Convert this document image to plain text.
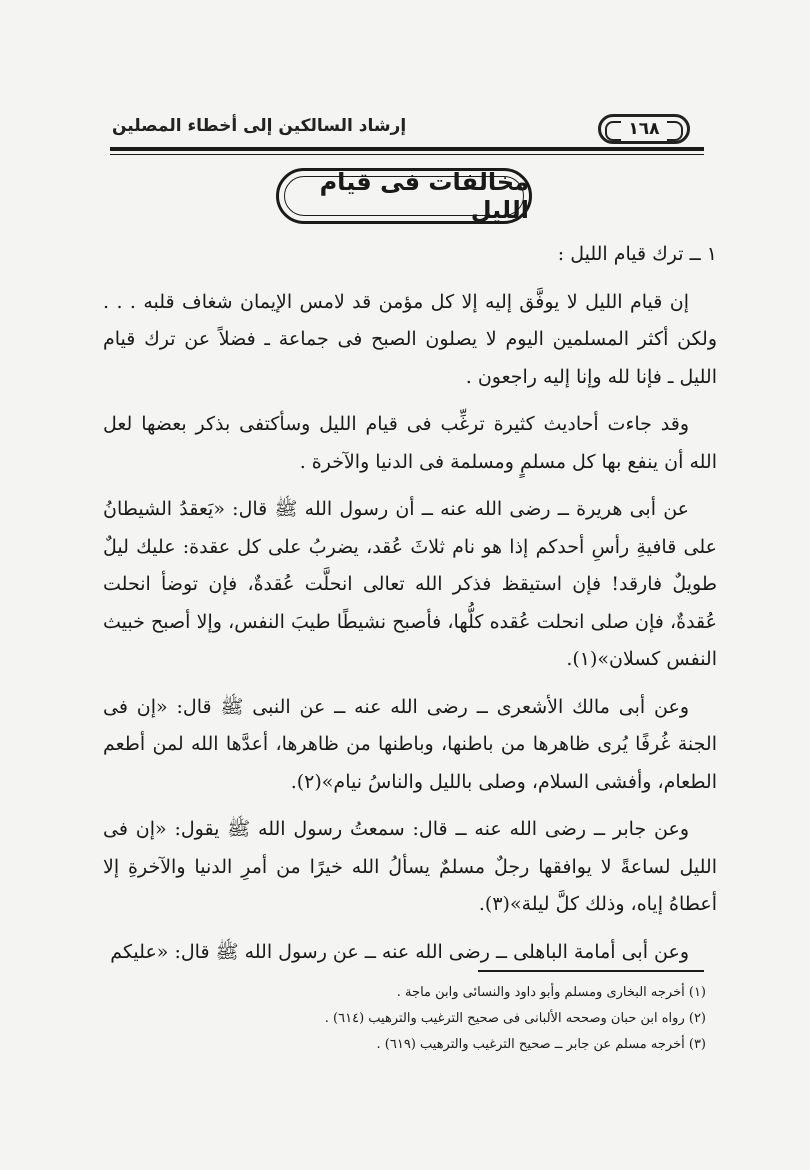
إرشاد السالكين إلى أخطاء المصلين	١٦٨
مخالفات فى قيام الليل
١ ــ ترك قيام الليل :

إن قيام الليل لا يوفَّق إليه إلا كل مؤمن قد لامس الإيمان شغاف قلبه . . . ولكن أكثر المسلمين اليوم لا يصلون الصبح فى جماعة ـ فضلاً عن ترك قيام الليل ـ فإنا لله وإنا إليه راجعون .

وقد جاءت أحاديث كثيرة ترغِّب فى قيام الليل وسأكتفى بذكر بعضها لعل الله أن ينفع بها كل مسلمٍ ومسلمة فى الدنيا والآخرة .

عن أبى هريرة ــ رضى الله عنه ــ أن رسول الله ﷺ قال: «يَعقدُ الشيطانُ على قافيةِ رأسِ أحدكم إذا هو نام ثلاثَ عُقد، يضربُ على كل عقدة: عليك ليلٌ طويلٌ فارقد! فإن استيقظ فذكر الله تعالى انحلَّت عُقدةٌ، فإن توضأ انحلت عُقدةٌ، فإن صلى انحلت عُقده كلُّها، فأصبح نشيطًا طيبَ النفس، وإلا أصبح خبيث النفس كسلان»(١).

وعن أبى مالك الأشعرى ــ رضى الله عنه ــ عن النبى ﷺ قال: «إن فى الجنة غُرفًا يُرى ظاهرها من باطنها، وباطنها من ظاهرها، أعدَّها الله لمن أطعم الطعام، وأفشى السلام، وصلى بالليل والناسُ نيام»(٢).

وعن جابر ــ رضى الله عنه ــ قال: سمعتُ رسول الله ﷺ يقول: «إن فى الليل لساعةً لا يوافقها رجلٌ مسلمٌ يسألُ الله خيرًا من أمرِ الدنيا والآخرةِ إلا أعطاهُ إياه، وذلك كلَّ ليلة»(٣).

وعن أبى أمامة الباهلى ــ رضى الله عنه ــ عن رسول الله ﷺ قال: «عليكم

(١) أخرجه البخارى ومسلم وأبو داود والنسائى وابن ماجة .
(٢) رواه ابن حبان وصححه الألبانى فى صحيح الترغيب والترهيب (٦١٤) .
(٣) أخرجه مسلم عن جابر ــ صحيح الترغيب والترهيب (٦١٩) .
